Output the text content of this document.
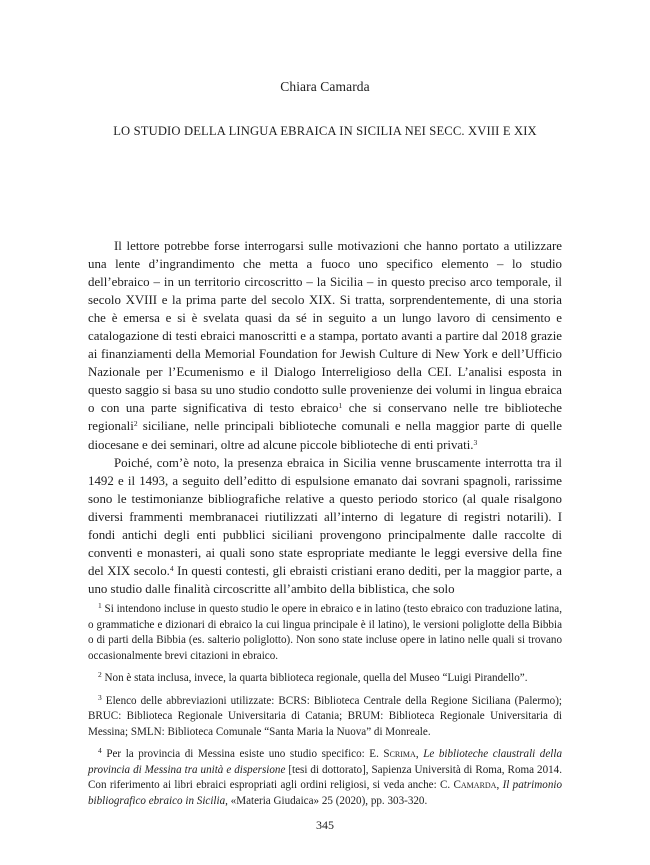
Chiara Camarda
LO STUDIO DELLA LINGUA EBRAICA IN SICILIA NEI SECC. XVIII E XIX

Il lettore potrebbe forse interrogarsi sulle motivazioni che hanno portato a utilizzare una lente d’ingrandimento che metta a fuoco uno specifico elemento – lo studio dell’ebraico – in un territorio circoscritto – la Sicilia – in questo preciso arco temporale, il secolo XVIII e la prima parte del secolo XIX. Si tratta, sorprendentemente, di una storia che è emersa e si è svelata quasi da sé in seguito a un lungo lavoro di censimento e catalogazione di testi ebraici manoscritti e a stampa, portato avanti a partire dal 2018 grazie ai finanziamenti della Memorial Foundation for Jewish Culture di New York e dell’Ufficio Nazionale per l’Ecumenismo e il Dialogo Interreligioso della CEI. L’analisi esposta in questo saggio si basa su uno studio condotto sulle provenienze dei volumi in lingua ebraica o con una parte significativa di testo ebraico$^1$ che si conservano nelle tre biblioteche regionali$^2$ siciliane, nelle principali biblioteche comunali e nella maggior parte di quelle diocesane e dei seminari, oltre ad alcune piccole biblioteche di enti privati.$^3$

Poiché, com’è noto, la presenza ebraica in Sicilia venne bruscamente interrotta tra il 1492 e il 1493, a seguito dell’editto di espulsione emanato dai sovrani spagnoli, rarissime sono le testimonianze bibliografiche relative a questo periodo storico (al quale risalgono diversi frammenti membranacei riutilizzati all’interno di legature di registri notarili). I fondi antichi degli enti pubblici siciliani provengono principalmente dalle raccolte di conventi e monasteri, ai quali sono state espropriate mediante le leggi eversive della fine del XIX secolo.$^4$ In questi contesti, gli ebraisti cristiani erano dediti, per la maggior parte, a uno studio dalle finalità circoscritte all’ambito della biblistica, che solo

$^1$ Si intendono incluse in questo studio le opere in ebraico e in latino (testo ebraico con traduzione latina, o grammatiche e dizionari di ebraico la cui lingua principale è il latino), le versioni poliglotte della Bibbia o di parti della Bibbia (es. salterio poliglotto). Non sono state incluse opere in latino nelle quali si trovano occasionalmente brevi citazioni in ebraico.

$^2$ Non è stata inclusa, invece, la quarta biblioteca regionale, quella del Museo “Luigi Pirandello”.

$^3$ Elenco delle abbreviazioni utilizzate: BCRS: Biblioteca Centrale della Regione Siciliana (Palermo); BRUC: Biblioteca Regionale Universitaria di Catania; BRUM: Biblioteca Regionale Universitaria di Messina; SMLN: Biblioteca Comunale “Santa Maria la Nuova” di Monreale.

$^4$ Per la provincia di Messina esiste uno studio specifico: E. Scrima, Le biblioteche claustrali della provincia di Messina tra unità e dispersione [tesi di dottorato], Sapienza Università di Roma, Roma 2014. Con riferimento ai libri ebraici espropriati agli ordini religiosi, si veda anche: C. Camarda, Il patrimonio bibliografico ebraico in Sicilia, «Materia Giudaica» 25 (2020), pp. 303-320.

345
